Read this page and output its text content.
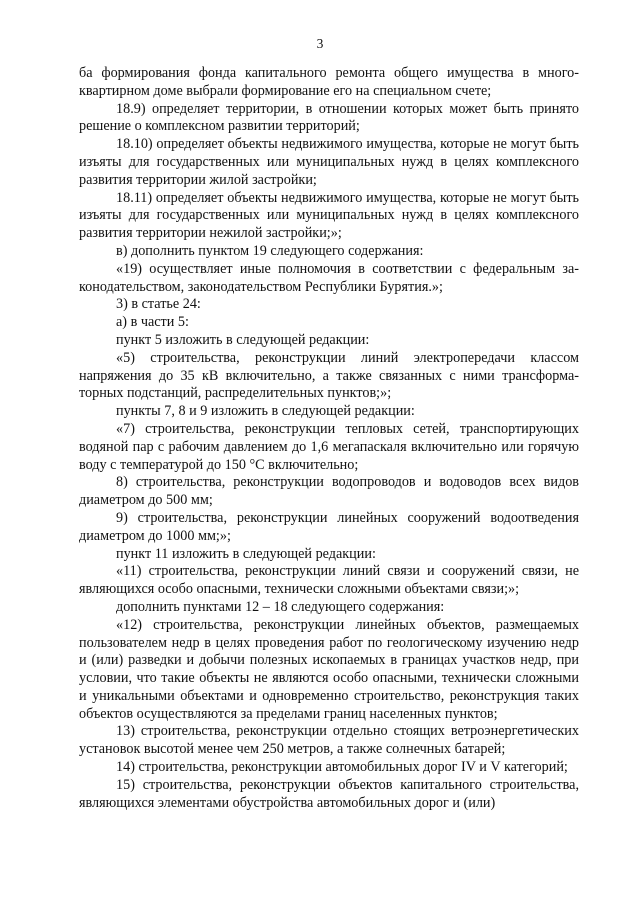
3

ба формирования фонда капитального ремонта общего имущества в многоквартирном доме выбрали формирование его на специальном счете;

18.9) определяет территории, в отношении которых может быть принято решение о комплексном развитии территорий;

18.10) определяет объекты недвижимого имущества, которые не могут быть изъяты для государственных или муниципальных нужд в целях комплексного развития территории жилой застройки;

18.11) определяет объекты недвижимого имущества, которые не могут быть изъяты для государственных или муниципальных нужд в целях комплексного развития территории нежилой застройки;»;

в) дополнить пунктом 19 следующего содержания:

«19) осуществляет иные полномочия в соответствии с федеральным законодательством, законодательством Республики Бурятия.»;

3) в статье 24:

а) в части 5:

пункт 5 изложить в следующей редакции:

«5) строительства, реконструкции линий электропередачи классом напряжения до 35 кВ включительно, а также связанных с ними трансформаторных подстанций, распределительных пунктов;»;

пункты 7, 8 и 9 изложить в следующей редакции:

«7) строительства, реконструкции тепловых сетей, транспортирующих водяной пар с рабочим давлением до 1,6 мегапаскаля включительно или горячую воду с температурой до 150 °С включительно;

8) строительства, реконструкции водопроводов и водоводов всех видов диаметром до 500 мм;

9) строительства, реконструкции линейных сооружений водоотведения диаметром до 1000 мм;»;

пункт 11 изложить в следующей редакции:

«11) строительства, реконструкции линий связи и сооружений связи, не являющихся особо опасными, технически сложными объектами связи;»;

дополнить пунктами 12 – 18 следующего содержания:

«12) строительства, реконструкции линейных объектов, размещаемых пользователем недр в целях проведения работ по геологическому изучению недр и (или) разведки и добычи полезных ископаемых в границах участков недр, при условии, что такие объекты не являются особо опасными, технически сложными и уникальными объектами и одновременно строительство, реконструкция таких объектов осуществляются за пределами границ населенных пунктов;

13) строительства, реконструкции отдельно стоящих ветроэнергетических установок высотой менее чем 250 метров, а также солнечных батарей;

14) строительства, реконструкции автомобильных дорог IV и V категорий;

15) строительства, реконструкции объектов капитального строительства, являющихся элементами обустройства автомобильных дорог и (или)
